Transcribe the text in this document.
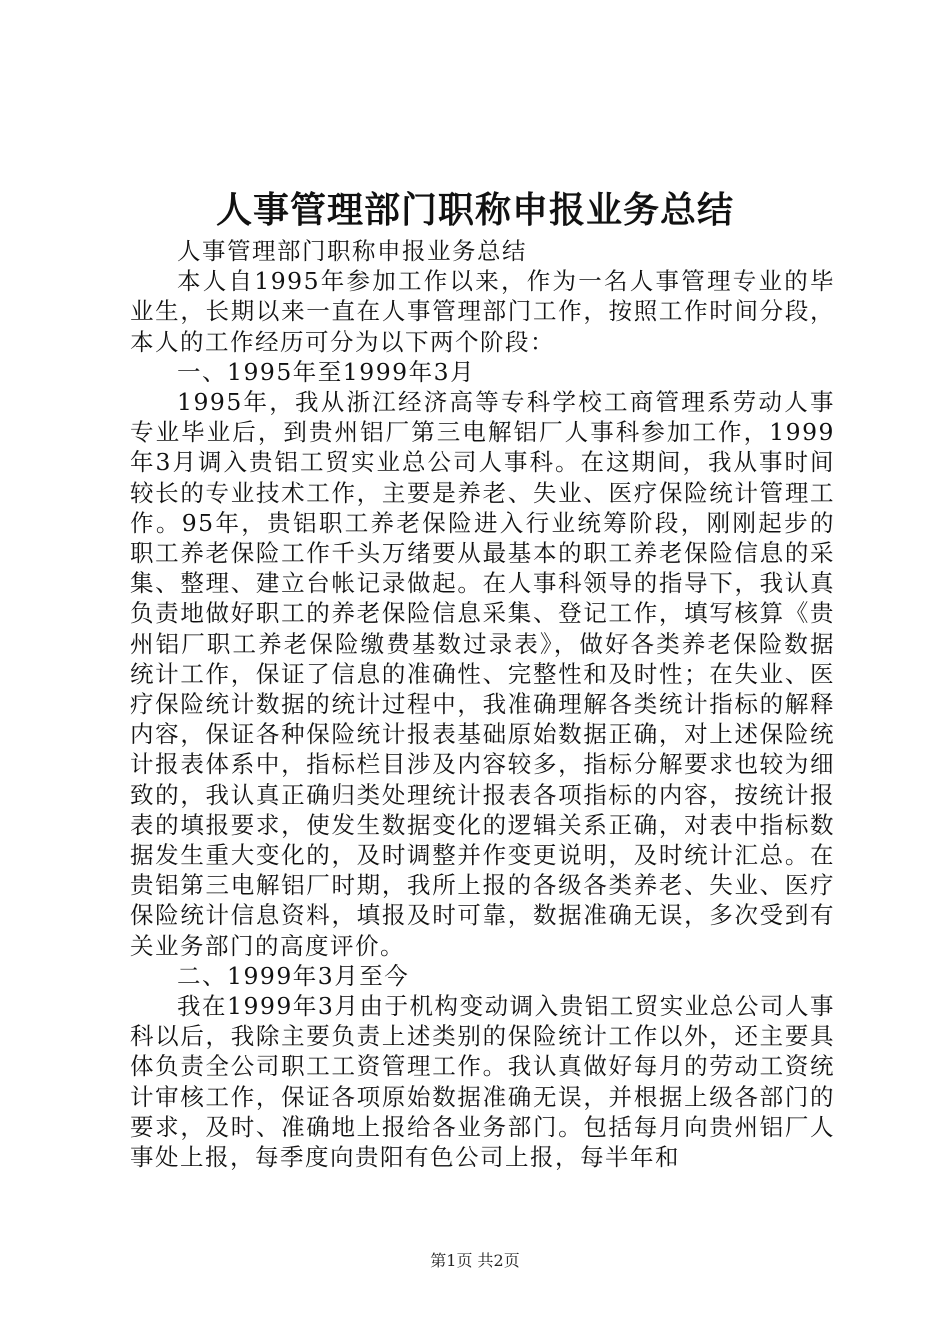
人事管理部门职称申报业务总结

人事管理部门职称申报业务总结

本人自1995年参加工作以来，作为一名人事管理专业的毕业生，长期以来一直在人事管理部门工作，按照工作时间分段，本人的工作经历可分为以下两个阶段：

一、1995年至1999年3月

1995年，我从浙江经济高等专科学校工商管理系劳动人事专业毕业后，到贵州铝厂第三电解铝厂人事科参加工作，1999年3月调入贵铝工贸实业总公司人事科。在这期间，我从事时间较长的专业技术工作，主要是养老、失业、医疗保险统计管理工作。95年，贵铝职工养老保险进入行业统筹阶段，刚刚起步的职工养老保险工作千头万绪要从最基本的职工养老保险信息的采集、整理、建立台帐记录做起。在人事科领导的指导下，我认真负责地做好职工的养老保险信息采集、登记工作，填写核算《贵州铝厂职工养老保险缴费基数过录表》，做好各类养老保险数据统计工作，保证了信息的准确性、完整性和及时性；在失业、医疗保险统计数据的统计过程中，我准确理解各类统计指标的解释内容，保证各种保险统计报表基础原始数据正确，对上述保险统计报表体系中，指标栏目涉及内容较多，指标分解要求也较为细致的，我认真正确归类处理统计报表各项指标的内容，按统计报表的填报要求，使发生数据变化的逻辑关系正确，对表中指标数据发生重大变化的，及时调整并作变更说明，及时统计汇总。在贵铝第三电解铝厂时期，我所上报的各级各类养老、失业、医疗保险统计信息资料，填报及时可靠，数据准确无误，多次受到有关业务部门的高度评价。

二、1999年3月至今

我在1999年3月由于机构变动调入贵铝工贸实业总公司人事科以后，我除主要负责上述类别的保险统计工作以外，还主要具体负责全公司职工工资管理工作。我认真做好每月的劳动工资统计审核工作，保证各项原始数据准确无误，并根据上级各部门的要求，及时、准确地上报给各业务部门。包括每月向贵州铝厂人事处上报，每季度向贵阳有色公司上报，每半年和

第1页 共2页
